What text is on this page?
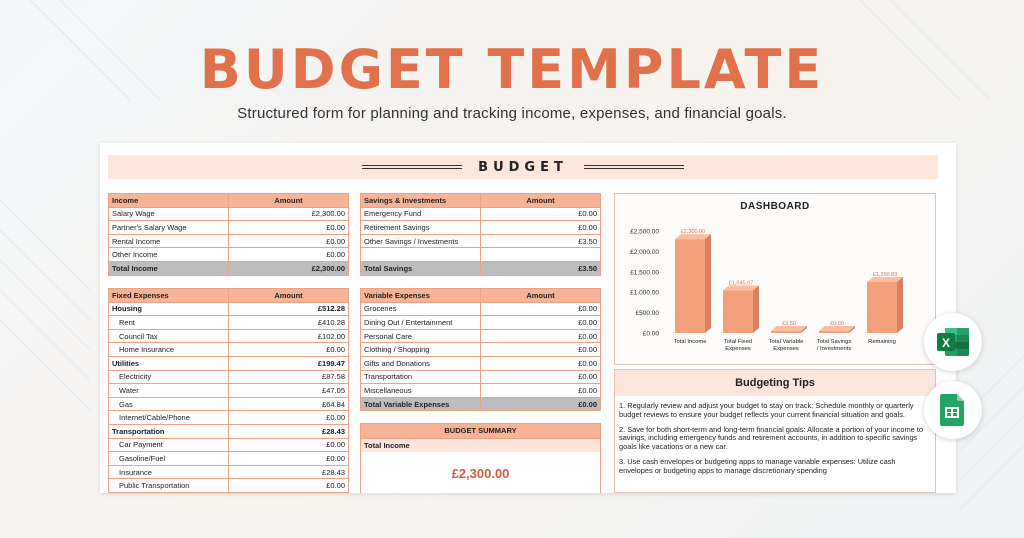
BUDGET TEMPLATE
Structured form for planning and tracking income, expenses, and financial goals.
BUDGET
Income	Amount
Salary Wage	£2,300.00
Partner's Salary Wage	£0.00
Rental Income	£0.00
Other Income	£0.00
Total Income	£2,300.00
Savings & Investments	Amount
Emergency Fund	£0.00
Retirement Savings	£0.00
Other Savings / Investments	£3.50

Total Savings	£3.50
Fixed Expenses	Amount
Housing	£512.28
Rent	£410.28
Council Tax	£102.00
Home Insurance	£0.00
Utilities	£199.47
Electricity	£87.58
Water	£47.05
Gas	£64.84
Internet/Cable/Phone	£0.00
Transportation	£28.43
Car Payment	£0.00
Gasoline/Fuel	£0.00
Insurance	£28.43
Public Transportation	£0.00
Variable Expenses	Amount
Groceries	£0.00
Dining Out / Entertainment	£0.00
Personal Care	£0.00
Clothing / Shopping	£0.00
Gifts and Donations	£0.00
Transportation	£0.00
Miscellaneous	£0.00
Total Variable Expenses	£0.00
BUDGET SUMMARY
Total Income
£2,300.00
£0.00
£500.00
£1,000.00
£1,500.00
£2,000.00
£2,500.00	£2,300.00
Total Income
£1,045.67
Total Fixed
Expenses
£3.50
Total Variable
Expenses
£0.00
Total Savings
/ Investments
£1,250.83
Remaining
DASHBOARD
Budgeting Tips
1. Regularly review and adjust your budget to stay on track: Schedule monthly or quarterly budget reviews to ensure your budget reflects your current financial situation and goals.
2. Save for both short-term and long-term financial goals: Allocate a portion of your income to savings, including emergency funds and retirement accounts, in addition to specific savings goals like vacations or a new car.
3. Use cash envelopes or budgeting apps to manage variable expenses: Utilize cash envelopes or budgeting apps to manage discretionary spending
X
